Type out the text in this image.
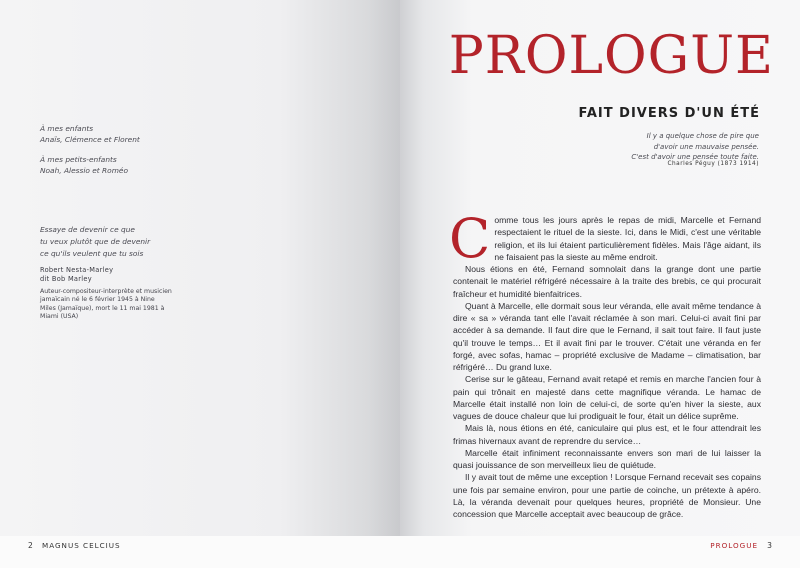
À mes enfants

Anaïs, Clémence et Florent

À mes petits-enfants

Noah, Alessio et Roméo

Essaye de devenir ce que

tu veux plutôt que de devenir

ce qu'ils veulent que tu sois

Robert Nesta-Marley

dit Bob Marley

Auteur-compositeur-interprète et musicien jamaïcain né le 6 février 1945 à Nine Miles (Jamaïque), mort le 11 mai 1981 à Miami (USA)
2 MAGNUS CELCIUS
PROLOGUE
FAIT DIVERS D'UN ÉTÉ

Il y a quelque chose de pire que

d'avoir une mauvaise pensée.

C'est d'avoir une pensée toute faite.

Charles Péguy (1873 1914)

Comme tous les jours après le repas de midi, Marcelle et Fernand respectaient le rituel de la sieste. Ici, dans le Midi, c'est une véritable religion, et ils lui étaient particulièrement fidèles. Mais l'âge aidant, ils ne faisaient pas la sieste au même endroit.

Nous étions en été, Fernand somnolait dans la grange dont une partie contenait le matériel réfrigéré nécessaire à la traite des brebis, ce qui procurait fraîcheur et humidité bienfaitrices.

Quant à Marcelle, elle dormait sous leur véranda, elle avait même tendance à dire « sa » véranda tant elle l'avait réclamée à son mari. Celui-ci avait fini par accéder à sa demande. Il faut dire que le Fernand, il sait tout faire. Il faut juste qu'il trouve le temps… Et il avait fini par le trouver. C'était une véranda en fer forgé, avec sofas, hamac – propriété exclusive de Madame – climatisation, bar réfrigéré… Du grand luxe.

Cerise sur le gâteau, Fernand avait retapé et remis en marche l'ancien four à pain qui trônait en majesté dans cette magnifique véranda. Le hamac de Marcelle était installé non loin de celui-ci, de sorte qu'en hiver la sieste, aux vagues de douce chaleur que lui prodiguait le four, était un délice suprême.

Mais là, nous étions en été, caniculaire qui plus est, et le four attendrait les frimas hivernaux avant de reprendre du service…

Marcelle était infiniment reconnaissante envers son mari de lui laisser la quasi jouissance de son merveilleux lieu de quiétude.

Il y avait tout de même une exception ! Lorsque Fernand recevait ses copains une fois par semaine environ, pour une partie de coinche, un prétexte à apéro. Là, la véranda devenait pour quelques heures, propriété de Monsieur. Une concession que Marcelle acceptait avec beaucoup de grâce.

PROLOGUE 3
